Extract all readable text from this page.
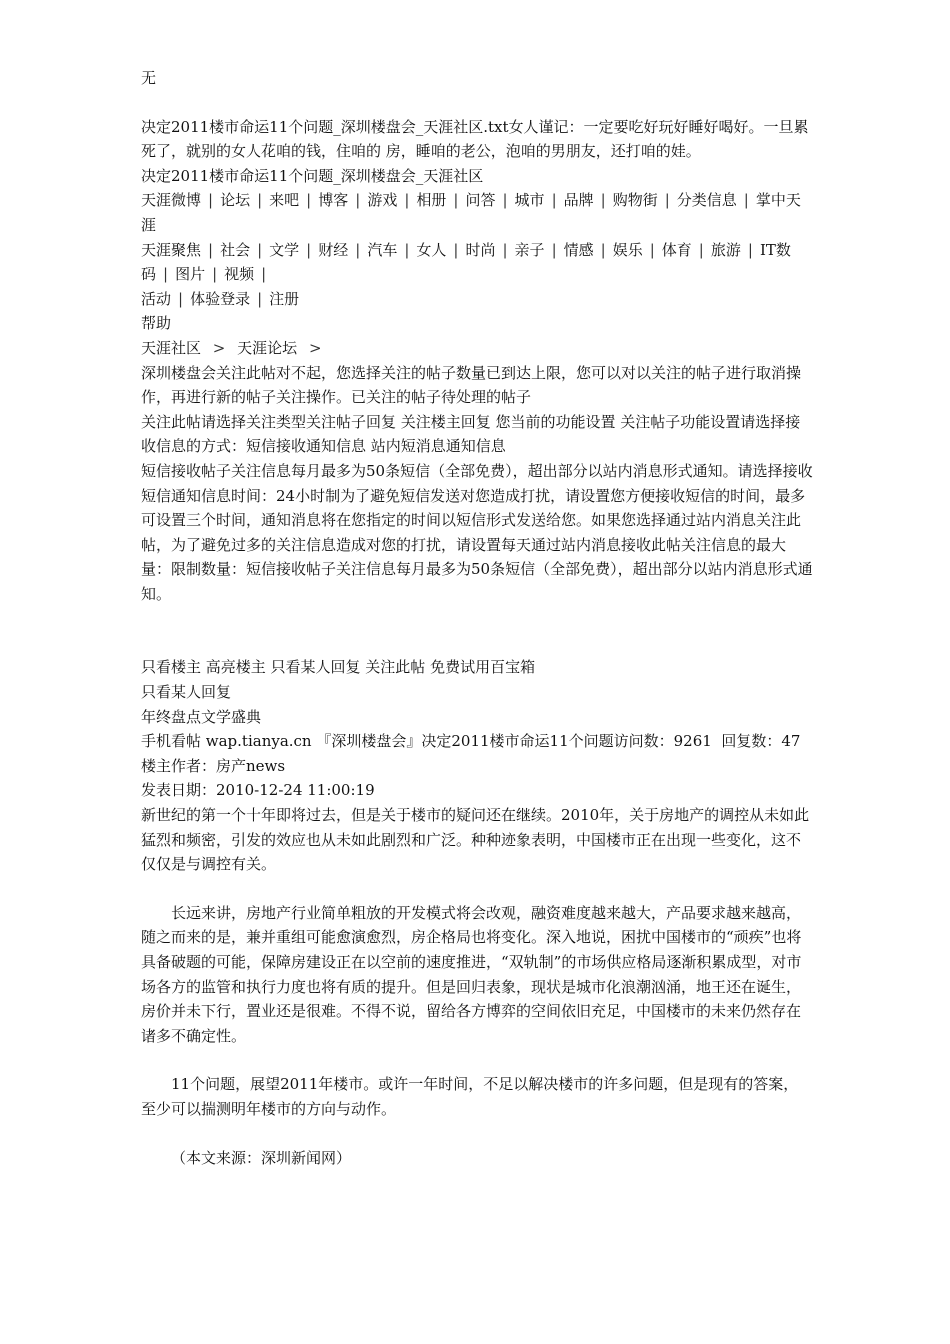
无
决定2011楼市命运11个问题_深圳楼盘会_天涯社区.txt女人谨记：一定要吃好玩好睡好喝好。一旦累死了，就别的女人花咱的钱，住咱的 房，睡咱的老公，泡咱的男朋友，还打咱的娃。
决定2011楼市命运11个问题_深圳楼盘会_天涯社区
天涯微博 | 论坛 | 来吧 | 博客 | 游戏 | 相册 | 问答 | 城市 | 品牌 | 购物街 | 分类信息 | 掌中天涯
天涯聚焦 | 社会 | 文学 | 财经 | 汽车 | 女人 | 时尚 | 亲子 | 情感 | 娱乐 | 体育 | 旅游 | IT数码 | 图片 | 视频 |
活动 | 体验登录 | 注册
帮助
天涯社区 > 天涯论坛 >
深圳楼盘会关注此帖对不起，您选择关注的帖子数量已到达上限，您可以对以关注的帖子进行取消操作，再进行新的帖子关注操作。已关注的帖子待处理的帖子
关注此帖请选择关注类型关注帖子回复 关注楼主回复 您当前的功能设置 关注帖子功能设置请选择接收信息的方式：短信接收通知信息 站内短消息通知信息
短信接收帖子关注信息每月最多为50条短信（全部免费），超出部分以站内消息形式通知。请选择接收短信通知信息时间：24小时制为了避免短信发送对您造成打扰，请设置您方便接收短信的时间，最多可设置三个时间，通知消息将在您指定的时间以短信形式发送给您。如果您选择通过站内消息关注此帖，为了避免过多的关注信息造成对您的打扰，请设置每天通过站内消息接收此帖关注信息的最大量：限制数量：短信接收帖子关注信息每月最多为50条短信（全部免费），超出部分以站内消息形式通知。
只看楼主 高亮楼主 只看某人回复 关注此帖 免费试用百宝箱
只看某人回复
年终盘点文学盛典
手机看帖 wap.tianya.cn 『深圳楼盘会』决定2011楼市命运11个问题访问数：9261  回复数：47    楼主作者：房产news
发表日期：2010-12-24 11:00:19
新世纪的第一个十年即将过去，但是关于楼市的疑问还在继续。2010年，关于房地产的调控从未如此猛烈和频密，引发的效应也从未如此剧烈和广泛。种种迹象表明，中国楼市正在出现一些变化，这不仅仅是与调控有关。
长远来讲，房地产行业简单粗放的开发模式将会改观，融资难度越来越大，产品要求越来越高，随之而来的是，兼并重组可能愈演愈烈，房企格局也将变化。深入地说，困扰中国楼市的“顽疾”也将具备破题的可能，保障房建设正在以空前的速度推进，“双轨制”的市场供应格局逐渐积累成型，对市场各方的监管和执行力度也将有质的提升。但是回归表象，现状是城市化浪潮汹涌，地王还在诞生，房价并未下行，置业还是很难。不得不说，留给各方博弈的空间依旧充足，中国楼市的未来仍然存在诸多不确定性。
11个问题，展望2011年楼市。或许一年时间，不足以解决楼市的许多问题，但是现有的答案，至少可以揣测明年楼市的方向与动作。
（本文来源：深圳新闻网）
